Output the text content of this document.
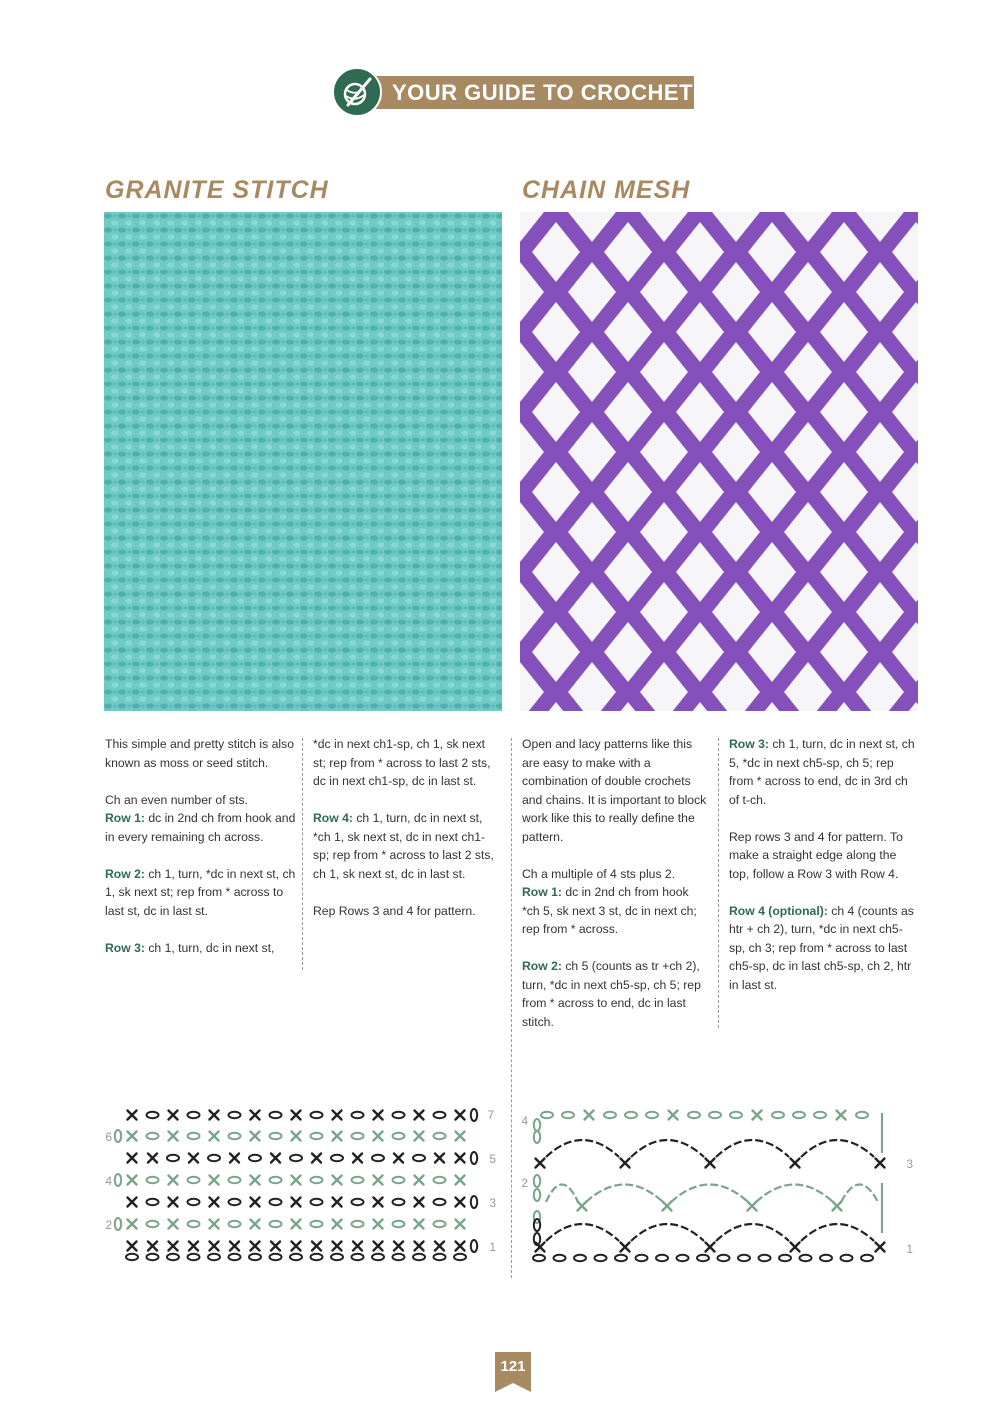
YOUR GUIDE TO CROCHET
GRANITE STITCH	CHAIN MESH

This simple and pretty stitch is also known as moss or seed stitch.

Ch an even number of sts.

Row 1: dc in 2nd ch from hook and in every remaining ch across.

Row 2: ch 1, turn, *dc in next st, ch 1, sk next st; rep from * across to last st, dc in last st.

Row 3: ch 1, turn, dc in next st,

*dc in next ch1-sp, ch 1, sk next st; rep from * across to last 2 sts, dc in next ch1-sp, dc in last st.

Row 4: ch 1, turn, dc in next st, *ch 1, sk next st, dc in next ch1-sp; rep from * across to last 2 sts, ch 1, sk next st, dc in last st.

Rep Rows 3 and 4 for pattern.

Open and lacy patterns like this are easy to make with a combination of double crochets and chains. It is important to block work like this to really define the pattern.

Ch a multiple of 4 sts plus 2.

Row 1: dc in 2nd ch from hook *ch 5, sk next 3 st, dc in next ch; rep from * across.

Row 2: ch 5 (counts as tr +ch 2), turn, *dc in next ch5-sp, ch 5; rep from * across to end, dc in last stitch.

Row 3: ch 1, turn, dc in next st, ch 5, *dc in next ch5-sp, ch 5; rep from * across to end, dc in 3rd ch of t-ch.

Rep rows 3 and 4 for pattern. To make a straight edge along the top, follow a Row 3 with Row 4.

Row 4 (optional): ch 4 (counts as htr + ch 2), turn, *dc in next ch5-sp, ch 3; rep from * across to last ch5-sp, dc in last ch5-sp, ch 2, htr in last st.

7
5
3
1
6
4
2
3
1
4
2
121
